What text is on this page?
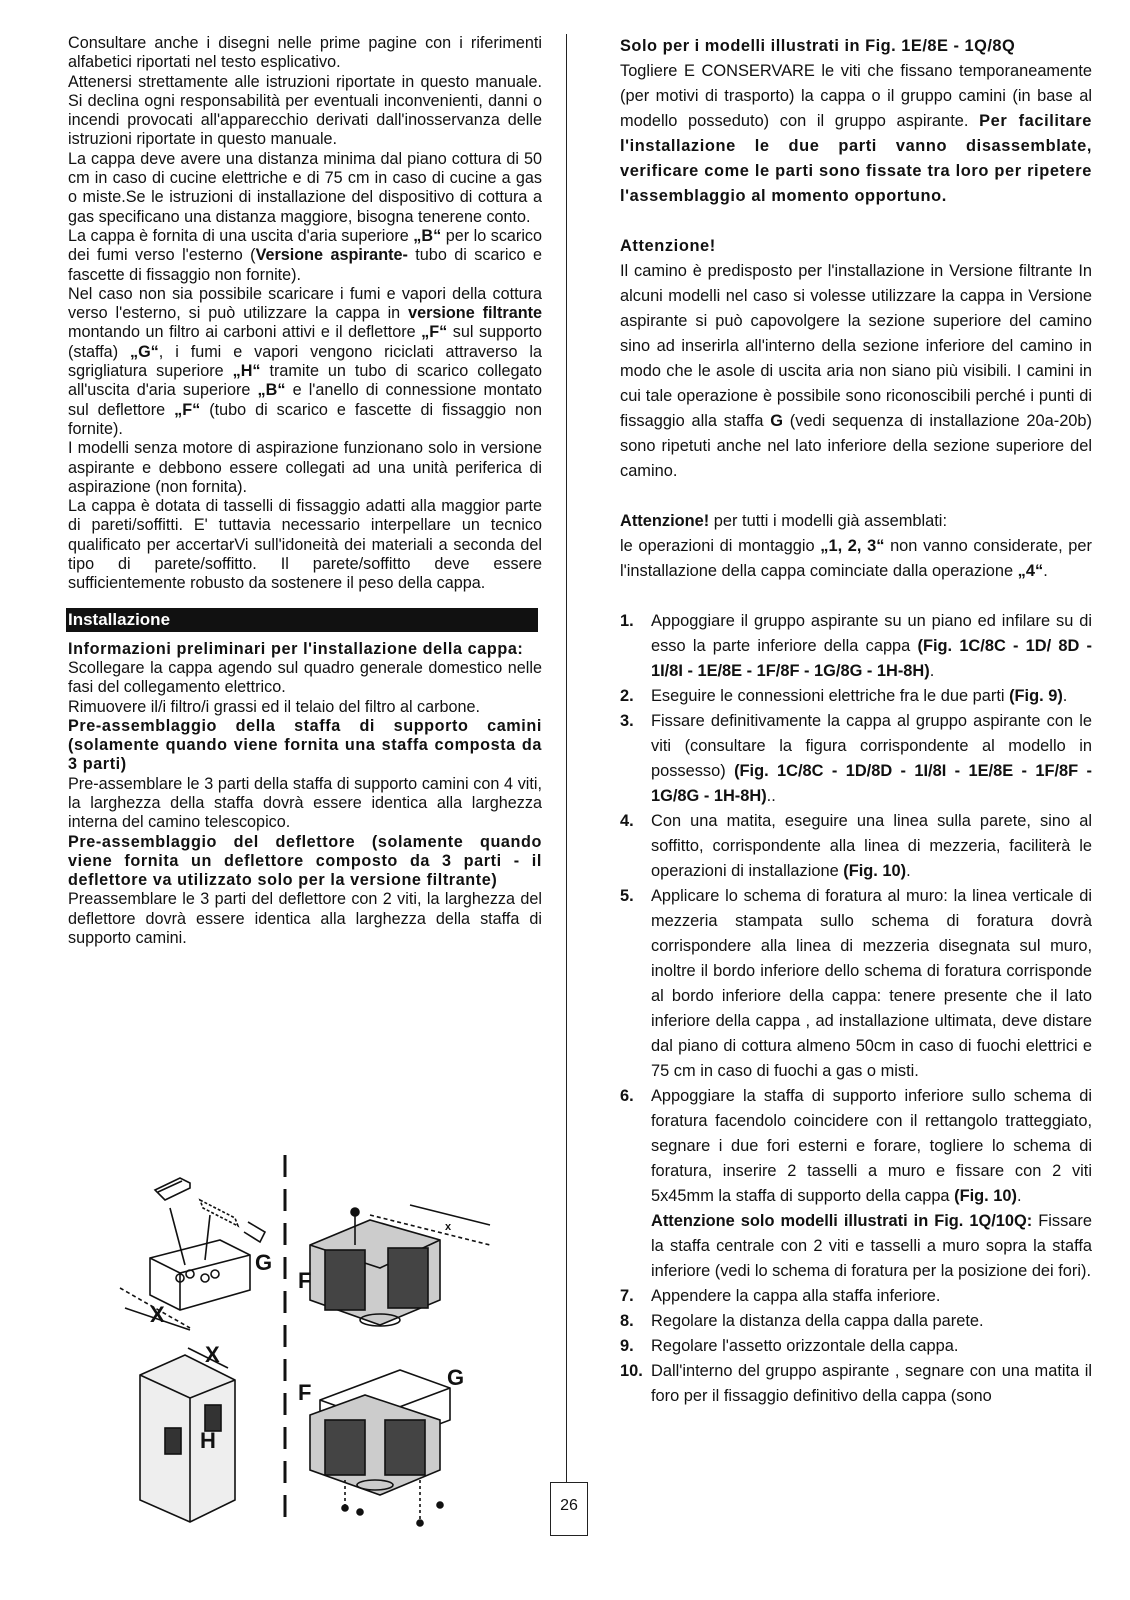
Consultare anche i disegni nelle prime pagine con i riferimenti alfabetici riportati nel testo esplicativo.

Attenersi strettamente alle istruzioni riportate in questo manuale. Si declina ogni responsabilità per eventuali inconvenienti, danni o incendi provocati all'apparecchio derivati dall'inosservanza delle istruzioni riportate in questo manuale.

La cappa deve avere una distanza minima dal piano cottura di 50 cm in caso di cucine elettriche e di 75 cm in caso di cucine a gas o miste.Se le istruzioni di installazione del dispositivo di cottura a gas specificano una distanza maggiore, bisogna tenerene conto.

La cappa è fornita di una uscita d'aria superiore „B“ per lo scarico dei fumi verso l'esterno (Versione aspirante- tubo di scarico e fascette di fissaggio non fornite).

Nel caso non sia possibile scaricare i fumi e vapori della cottura verso l'esterno, si può utilizzare la cappa in versione filtrante montando un filtro ai carboni attivi e il deflettore „F“ sul supporto (staffa) „G“, i fumi e vapori vengono riciclati attraverso la sgrigliatura superiore „H“ tramite un tubo di scarico collegato all'uscita d'aria superiore „B“ e l'anello di connessione montato sul deflettore „F“ (tubo di scarico e fascette di fissaggio non fornite).

I modelli senza motore di aspirazione funzionano solo in versione aspirante e debbono essere collegati ad una unità periferica di aspirazione (non fornita).

La cappa è dotata di tasselli di fissaggio adatti alla maggior parte di pareti/soffitti. E' tuttavia necessario interpellare un tecnico qualificato per accertarVi sull'idoneità dei materiali a seconda del tipo di parete/soffitto. Il parete/soffitto deve essere sufficientemente robusto da sostenere il peso della cappa.

Installazione

Informazioni preliminari per l'installazione della cappa:

Scollegare la cappa agendo sul quadro generale domestico nelle fasi del collegamento elettrico.

Rimuovere il/i filtro/i grassi ed il telaio del filtro al carbone.

Pre-assemblaggio della staffa di supporto camini (solamente quando viene fornita una staffa composta da 3 parti)

Pre-assemblare le 3 parti della staffa di supporto camini con 4 viti, la larghezza della staffa dovrà essere identica alla larghezza interna del camino telescopico.

Pre-assemblaggio del deflettore (solamente quando viene fornita un deflettore composto da 3 parti - il deflettore va utilizzato solo per la versione filtrante)

Preassemblare le 3 parti del deflettore con 2 viti, la larghezza del deflettore dovrà essere identica alla larghezza della staffa di supporto camini.

Solo per i modelli illustrati in Fig. 1E/8E - 1Q/8Q

Togliere E CONSERVARE le viti che fissano temporaneamente (per motivi di trasporto) la cappa o il gruppo camini (in base al modello posseduto) con il gruppo aspirante. Per facilitare l'installazione le due parti vanno disassemblate, verificare come le parti sono fissate tra loro per ripetere l'assemblaggio al momento opportuno.

Attenzione!

Il camino è predisposto per l'installazione in Versione filtrante In alcuni modelli nel caso si volesse utilizzare la cappa in Versione aspirante si può capovolgere la sezione superiore del camino sino ad inserirla all'interno della sezione inferiore del camino in modo che le asole di uscita aria non siano più visibili. I camini in cui tale operazione è possibile sono riconoscibili perché i punti di fissaggio alla staffa G (vedi sequenza di installazione 20a-20b) sono ripetuti anche nel lato inferiore della sezione superiore del camino.

Attenzione! per tutti i modelli già assemblati:
le operazioni di montaggio „1, 2, 3“ non vanno considerate, per l'installazione della cappa cominciate dalla operazione „4“.

1. Appoggiare il gruppo aspirante su un piano ed infilare su di esso la parte inferiore della cappa (Fig. 1C/8C - 1D/ 8D - 1I/8I - 1E/8E - 1F/8F - 1G/8G - 1H-8H).
2. Eseguire le connessioni elettriche fra le due parti (Fig. 9).
3. Fissare definitivamente la cappa al gruppo aspirante con le viti (consultare la figura corrispondente al modello in possesso) (Fig. 1C/8C - 1D/8D - 1I/8I - 1E/8E - 1F/8F - 1G/8G - 1H-8H)..
4. Con una matita, eseguire una linea sulla parete, sino al soffitto, corrispondente alla linea di mezzeria, faciliterà le operazioni di installazione (Fig. 10).
5. Applicare lo schema di foratura al muro: la linea verticale di mezzeria stampata sullo schema di foratura dovrà corrispondere alla linea di mezzeria disegnata sul muro, inoltre il bordo inferiore dello schema di foratura corrisponde al bordo inferiore della cappa: tenere presente che il lato inferiore della cappa , ad installazione ultimata, deve distare dal piano di cottura almeno 50cm in caso di fuochi elettrici e 75 cm in caso di fuochi a gas o misti.
6. Appoggiare la staffa di supporto inferiore sullo schema di foratura facendolo coincidere con il rettangolo tratteggiato, segnare i due fori esterni e forare, togliere lo schema di foratura, inserire 2 tasselli a muro e fissare con 2 viti 5x45mm la staffa di supporto della cappa (Fig. 10).
Attenzione solo modelli illustrati in Fig. 1Q/10Q: Fissare la staffa centrale con 2 viti e tasselli a muro sopra la staffa inferiore (vedi lo schema di foratura per la posizione dei fori).
7. Appendere la cappa alla staffa inferiore.
8. Regolare la distanza della cappa dalla parete.
9. Regolare l'assetto orizzontale della cappa.
10. Dall'interno del gruppo aspirante , segnare con una matita il foro per il fissaggio definitivo della cappa (sono
G
F
X
X
H
F
G
x
26
